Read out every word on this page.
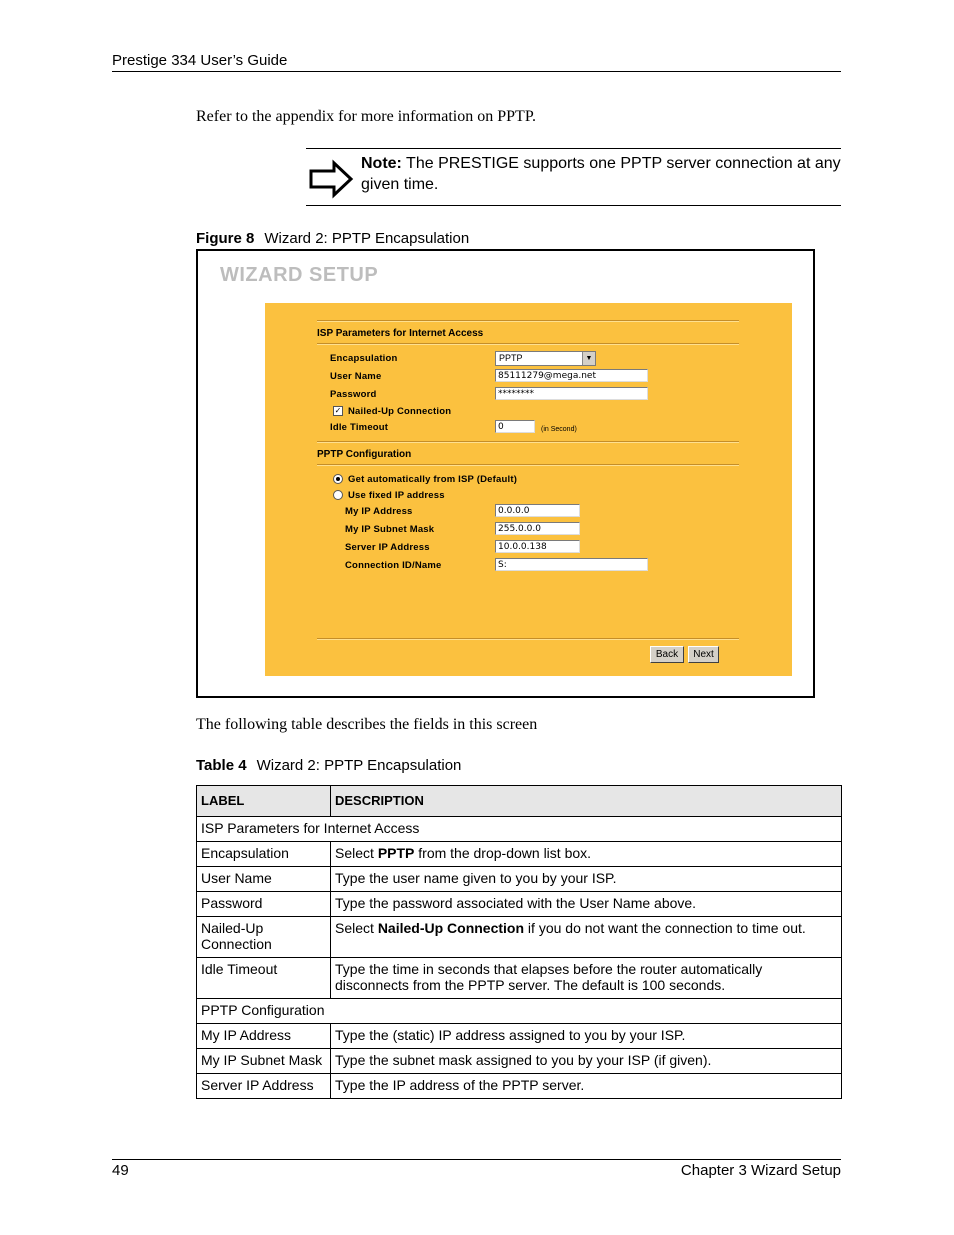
Prestige 334 User’s Guide
Refer to the appendix for more information on PPTP.
Note: The PRESTIGE supports one PPTP server connection at any given time.
Figure 8 Wizard 2: PPTP Encapsulation
WIZARD SETUP
ISP Parameters for Internet Access
Encapsulation	PPTP	▼
User Name	85111279@mega.net
Password	********
✓ Nailed-Up Connection
Idle Timeout	0	(in Second)
PPTP Configuration
Get automatically from ISP (Default)
Use fixed IP address
My IP Address	0.0.0.0
My IP Subnet Mask	255.0.0.0
Server IP Address	10.0.0.138
Connection ID/Name	S:
Back	Next
The following table describes the fields in this screen
Table 4 Wizard 2: PPTP Encapsulation
LABEL	DESCRIPTION
ISP Parameters for Internet Access	
Encapsulation	Select PPTP from the drop-down list box.
User Name	Type the user name given to you by your ISP.
Password	Type the password associated with the User Name above.
Nailed-Up Connection	Select Nailed-Up Connection if you do not want the connection to time out.
Idle Timeout	Type the time in seconds that elapses before the router automatically disconnects from the PPTP server. The default is 100 seconds.
PPTP Configuration	
My IP Address	Type the (static) IP address assigned to you by your ISP.
My IP Subnet Mask	Type the subnet mask assigned to you by your ISP (if given).
Server IP Address	Type the IP address of the PPTP server.
49	Chapter 3 Wizard Setup
